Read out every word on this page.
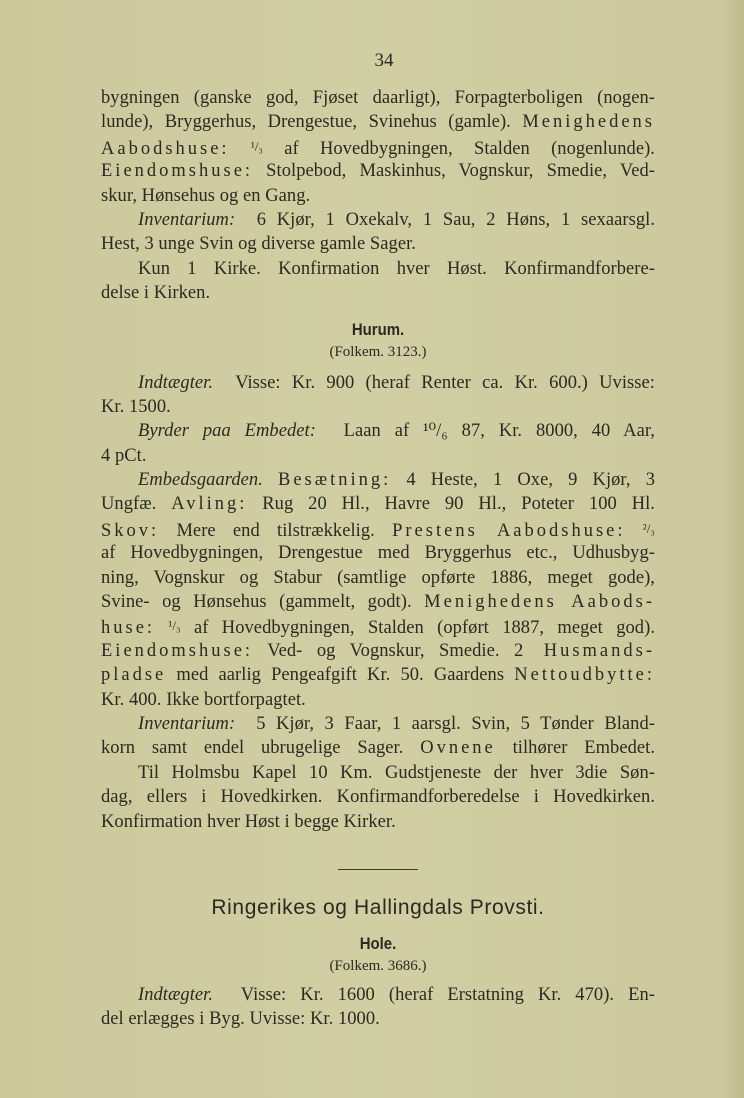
34
bygningen (ganske god, Fjøset daarligt), Forpagterboligen (nogen-
lunde), Bryggerhus, Drengestue, Svinehus (gamle). Menighedens
Aabodshuse: ¹/₃ af Hovedbygningen, Stalden (nogenlunde).
Eiendomshuse: Stolpebod, Maskinhus, Vognskur, Smedie, Ved-
skur, Hønsehus og en Gang.
Inventarium: 6 Kjør, 1 Oxekalv, 1 Sau, 2 Høns, 1 sexaarsgl.
Hest, 3 unge Svin og diverse gamle Sager.
Kun 1 Kirke. Konfirmation hver Høst. Konfirmandforbere-
delse i Kirken.
Hurum.
(Folkem. 3123.)
Indtægter. Visse: Kr. 900 (heraf Renter ca. Kr. 600.) Uvisse:
Kr. 1500.
Byrder paa Embedet: Laan af ¹⁰/₆ 87, Kr. 8000, 40 Aar,
4 pCt.
Embedsgaarden. Besætning: 4 Heste, 1 Oxe, 9 Kjør, 3
Ungfæ. Avling: Rug 20 Hl., Havre 90 Hl., Poteter 100 Hl.
Skov: Mere end tilstrækkelig. Prestens Aabodshuse: ²/₃
af Hovedbygningen, Drengestue med Bryggerhus etc., Udhusbyg-
ning, Vognskur og Stabur (samtlige opførte 1886, meget gode),
Svine- og Hønsehus (gammelt, godt). Menighedens Aabods-
huse: ¹/₃ af Hovedbygningen, Stalden (opført 1887, meget god).
Eiendomshuse: Ved- og Vognskur, Smedie. 2 Husmands-
pladse med aarlig Pengeafgift Kr. 50. Gaardens Nettoudbytte:
Kr. 400. Ikke bortforpagtet.
Inventarium: 5 Kjør, 3 Faar, 1 aarsgl. Svin, 5 Tønder Bland-
korn samt endel ubrugelige Sager. Ovnene tilhører Embedet.
Til Holmsbu Kapel 10 Km. Gudstjeneste der hver 3die Søn-
dag, ellers i Hovedkirken. Konfirmandforberedelse i Hovedkirken.
Konfirmation hver Høst i begge Kirker.
Ringerikes og Hallingdals Provsti.
Hole.
(Folkem. 3686.)
Indtægter. Visse: Kr. 1600 (heraf Erstatning Kr. 470). En-
del erlægges i Byg. Uvisse: Kr. 1000.
